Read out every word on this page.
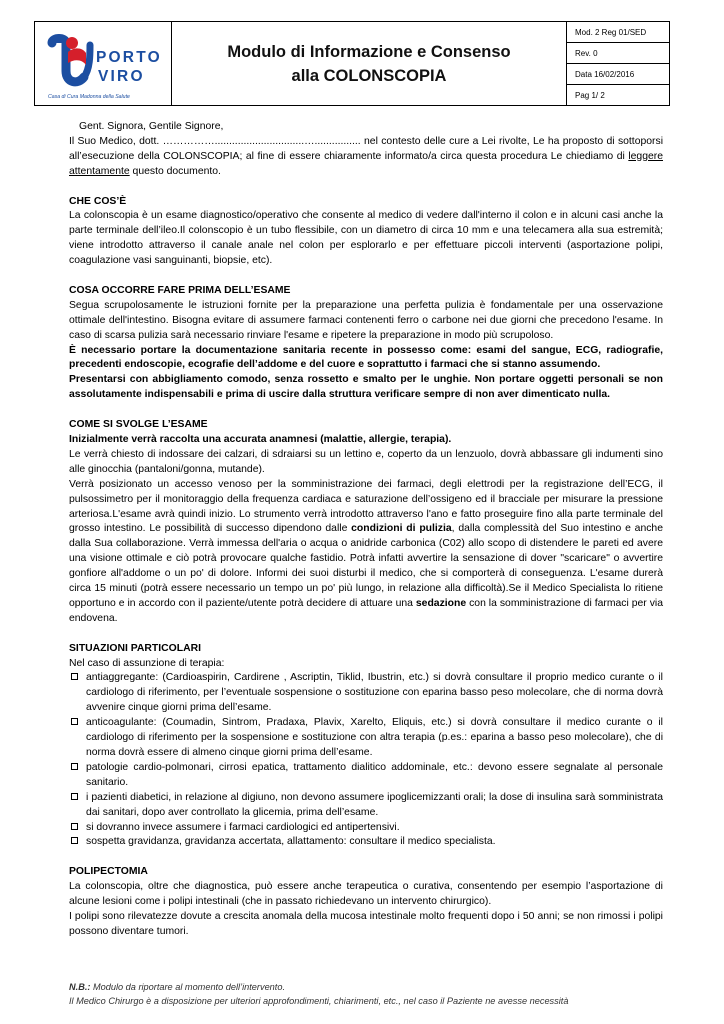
PORTO
VIRO
Casa di Cura Madonna della Salute

Modulo di Informazione e Consenso
alla COLONSCOPIA
	Mod. 2 Reg 01/SED
Rev. 0
Data 16/02/2016
Pag 1/ 2

Gent. Signora, Gentile Signore,

Il Suo Medico, dott. ……………...............................…................ nel contesto delle cure a Lei rivolte, Le ha proposto di sottoporsi all’esecuzione della COLONSCOPIA; al fine di essere chiaramente informato/a circa questa procedura Le chiediamo di leggere attentamente questo documento.

CHE COS’È

La colonscopia è un esame diagnostico/operativo che consente al medico di vedere dall'interno il colon e in alcuni casi anche la parte terminale dell’ileo.Il colonscopio è un tubo flessibile, con un diametro di circa 10 mm e una telecamera alla sua estremità; viene introdotto attraverso il canale anale nel colon per esplorarlo e per effettuare piccoli interventi (asportazione polipi, coagulazione vasi sanguinanti, biopsie, etc).

COSA OCCORRE FARE PRIMA DELL’ESAME

Segua scrupolosamente le istruzioni fornite per la preparazione una perfetta pulizia è fondamentale per una osservazione ottimale dell'intestino. Bisogna evitare di assumere farmaci contenenti ferro o carbone nei due giorni che precedono l'esame. In caso di scarsa pulizia sarà necessario rinviare l'esame e ripetere la preparazione in modo più scrupoloso.

È necessario portare la documentazione sanitaria recente in possesso come: esami del sangue, ECG, radiografie, precedenti endoscopie, ecografie dell’addome e del cuore e soprattutto i farmaci che si stanno assumendo.

Presentarsi con abbigliamento comodo, senza rossetto e smalto per le unghie. Non portare oggetti personali se non assolutamente indispensabili e prima di uscire dalla struttura verificare sempre di non aver dimenticato nulla.

COME SI SVOLGE L’ESAME

Inizialmente verrà raccolta una accurata anamnesi (malattie, allergie, terapia).

Le verrà chiesto di indossare dei calzari, di sdraiarsi su un lettino e, coperto da un lenzuolo, dovrà abbassare gli indumenti sino alle ginocchia (pantaloni/gonna, mutande).

Verrà posizionato un accesso venoso per la somministrazione dei farmaci, degli elettrodi per la registrazione dell’ECG, il pulsossimetro per il monitoraggio della frequenza cardiaca e saturazione dell’ossigeno ed il bracciale per misurare la pressione arteriosa.L'esame avrà quindi inizio. Lo strumento verrà introdotto attraverso l'ano e fatto proseguire fino alla parte terminale del grosso intestino. Le possibilità di successo dipendono dalle condizioni di pulizia, dalla complessità del Suo intestino e anche dalla Sua collaborazione. Verrà immessa dell'aria o acqua o anidride carbonica (C02) allo scopo di distendere le pareti ed avere una visione ottimale e ciò potrà provocare qualche fastidio. Potrà infatti avvertire la sensazione di dover "scaricare" o avvertire gonfiore all'addome o un po' di dolore. Informi dei suoi disturbi il medico, che si comporterà di conseguenza. L'esame durerà circa 15 minuti (potrà essere necessario un tempo un po' più lungo, in relazione alla difficoltà).Se il Medico Specialista lo ritiene opportuno e in accordo con il paziente/utente potrà decidere di attuare una sedazione con la somministrazione di farmaci per via endovena.

SITUAZIONI PARTICOLARI

Nel caso di assunzione di terapia:

antiaggregante: (Cardioaspirin, Cardirene , Ascriptin, Tiklid, Ibustrin, etc.) si dovrà consultare il proprio medico curante o il cardiologo di riferimento, per l’eventuale sospensione o sostituzione con eparina basso peso molecolare, che di norma dovrà avvenire cinque giorni prima dell’esame.
anticoagulante: (Coumadin, Sintrom, Pradaxa, Plavix, Xarelto, Eliquis, etc.) si dovrà consultare il medico curante o il cardiologo di riferimento per la sospensione e sostituzione con altra terapia (p.es.: eparina a basso peso molecolare), che di norma dovrà essere di almeno cinque giorni prima dell’esame.
patologie cardio-polmonari, cirrosi epatica, trattamento dialitico addominale, etc.: devono essere segnalate al personale sanitario.
i pazienti diabetici, in relazione al digiuno, non devono assumere ipoglicemizzanti orali; la dose di insulina sarà somministrata dai sanitari, dopo aver controllato la glicemia, prima dell’esame.
si dovranno invece assumere i farmaci cardiologici ed antipertensivi.
sospetta gravidanza, gravidanza accertata, allattamento: consultare il medico specialista.

POLIPECTOMIA

La colonscopia, oltre che diagnostica, può essere anche terapeutica o curativa, consentendo per esempio l’asportazione di alcune lesioni come i polipi intestinali (che in passato richiedevano un intervento chirurgico).

I polipi sono rilevatezze dovute a crescita anomala della mucosa intestinale molto frequenti dopo i 50 anni; se non rimossi i polipi possono diventare tumori.

N.B.: Modulo da riportare al momento dell’intervento.
Il Medico Chirurgo è a disposizione per ulteriori approfondimenti, chiarimenti, etc., nel caso il Paziente ne avesse necessità
